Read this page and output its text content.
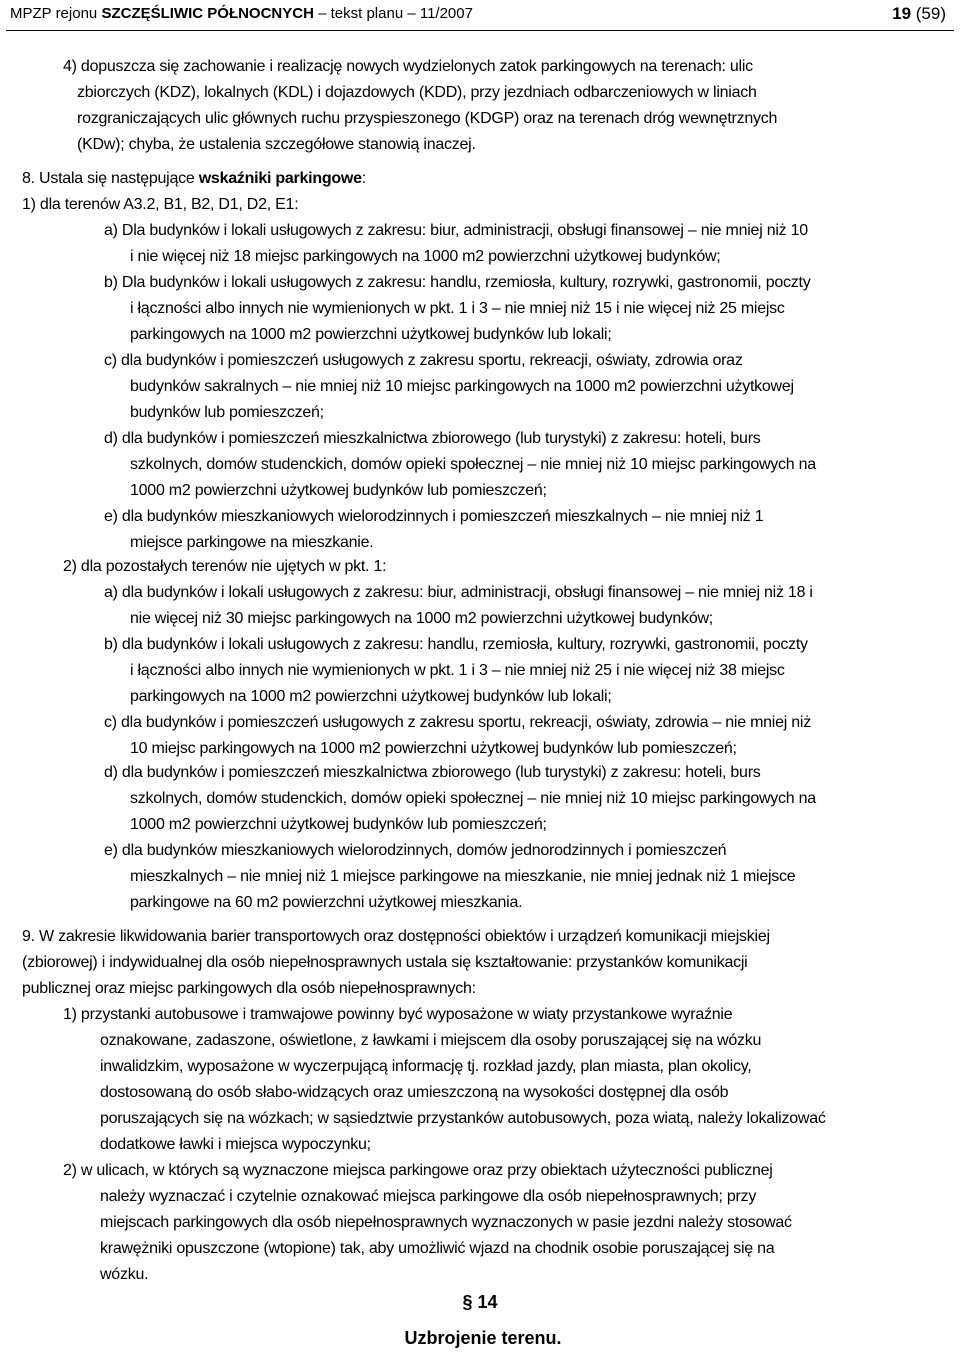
MPZP rejonu SZCZĘŚLIWIC PÓŁNOCNYCH – tekst planu – 11/2007	19 (59)
4) dopuszcza się zachowanie i realizację nowych wydzielonych zatok parkingowych na terenach: ulic
zbiorczych (KDZ), lokalnych (KDL) i dojazdowych (KDD), przy jezdniach odbarczeniowych w liniach
rozgraniczających ulic głównych ruchu przyspieszonego (KDGP) oraz na terenach dróg wewnętrznych
(KDw); chyba, że ustalenia szczegółowe stanowią inaczej.
8. Ustala się następujące wskaźniki parkingowe:
1) dla terenów A3.2, B1, B2, D1, D2, E1:
a) Dla budynków i lokali usługowych z zakresu: biur, administracji, obsługi finansowej – nie mniej niż 10
i nie więcej niż 18 miejsc parkingowych na 1000 m2 powierzchni użytkowej budynków;
b) Dla budynków i lokali usługowych z zakresu: handlu, rzemiosła, kultury, rozrywki, gastronomii, poczty
i łączności albo innych nie wymienionych w pkt. 1 i 3 – nie mniej niż 15 i nie więcej niż 25 miejsc
parkingowych na 1000 m2 powierzchni użytkowej budynków lub lokali;
c) dla budynków i pomieszczeń usługowych z zakresu sportu, rekreacji, oświaty, zdrowia oraz
budynków sakralnych – nie mniej niż 10 miejsc parkingowych na 1000 m2 powierzchni użytkowej
budynków lub pomieszczeń;
d) dla budynków i pomieszczeń mieszkalnictwa zbiorowego (lub turystyki) z zakresu: hoteli, burs
szkolnych, domów studenckich, domów opieki społecznej – nie mniej niż 10 miejsc parkingowych na
1000 m2 powierzchni użytkowej budynków lub pomieszczeń;
e) dla budynków mieszkaniowych wielorodzinnych i pomieszczeń mieszkalnych – nie mniej niż 1
miejsce parkingowe na mieszkanie.
2) dla pozostałych terenów nie ujętych w pkt. 1:
a) dla budynków i lokali usługowych z zakresu: biur, administracji, obsługi finansowej – nie mniej niż 18 i
nie więcej niż 30 miejsc parkingowych na 1000 m2 powierzchni użytkowej budynków;
b) dla budynków i lokali usługowych z zakresu: handlu, rzemiosła, kultury, rozrywki, gastronomii, poczty
i łączności albo innych nie wymienionych w pkt. 1 i 3 – nie mniej niż 25 i nie więcej niż 38 miejsc
parkingowych na 1000 m2 powierzchni użytkowej budynków lub lokali;
c) dla budynków i pomieszczeń usługowych z zakresu sportu, rekreacji, oświaty, zdrowia – nie mniej niż
10 miejsc parkingowych na 1000 m2 powierzchni użytkowej budynków lub pomieszczeń;
d) dla budynków i pomieszczeń mieszkalnictwa zbiorowego (lub turystyki) z zakresu: hoteli, burs
szkolnych, domów studenckich, domów opieki społecznej – nie mniej niż 10 miejsc parkingowych na
1000 m2 powierzchni użytkowej budynków lub pomieszczeń;
e) dla budynków mieszkaniowych wielorodzinnych, domów jednorodzinnych i pomieszczeń
mieszkalnych – nie mniej niż 1 miejsce parkingowe na mieszkanie, nie mniej jednak niż 1 miejsce
parkingowe na 60 m2 powierzchni użytkowej mieszkania.
9. W zakresie likwidowania barier transportowych oraz dostępności obiektów i urządzeń komunikacji miejskiej
(zbiorowej) i indywidualnej dla osób niepełnosprawnych ustala się kształtowanie: przystanków komunikacji
publicznej oraz miejsc parkingowych dla osób niepełnosprawnych:
1) przystanki autobusowe i tramwajowe powinny być wyposażone w wiaty przystankowe wyraźnie
oznakowane, zadaszone, oświetlone, z ławkami i miejscem dla osoby poruszającej się na wózku
inwalidzkim, wyposażone w wyczerpującą informację tj. rozkład jazdy, plan miasta, plan okolicy,
dostosowaną do osób słabo-widzących oraz umieszczoną na wysokości dostępnej dla osób
poruszających się na wózkach; w sąsiedztwie przystanków autobusowych, poza wiatą, należy lokalizować
dodatkowe ławki i miejsca wypoczynku;
2) w ulicach, w których są wyznaczone miejsca parkingowe oraz przy obiektach użyteczności publicznej
należy wyznaczać i czytelnie oznakować miejsca parkingowe dla osób niepełnosprawnych; przy
miejscach parkingowych dla osób niepełnosprawnych wyznaczonych w pasie jezdni należy stosować
krawężniki opuszczone (wtopione) tak, aby umożliwić wjazd na chodnik osobie poruszającej się na
wózku.
§ 14
Uzbrojenie terenu.
